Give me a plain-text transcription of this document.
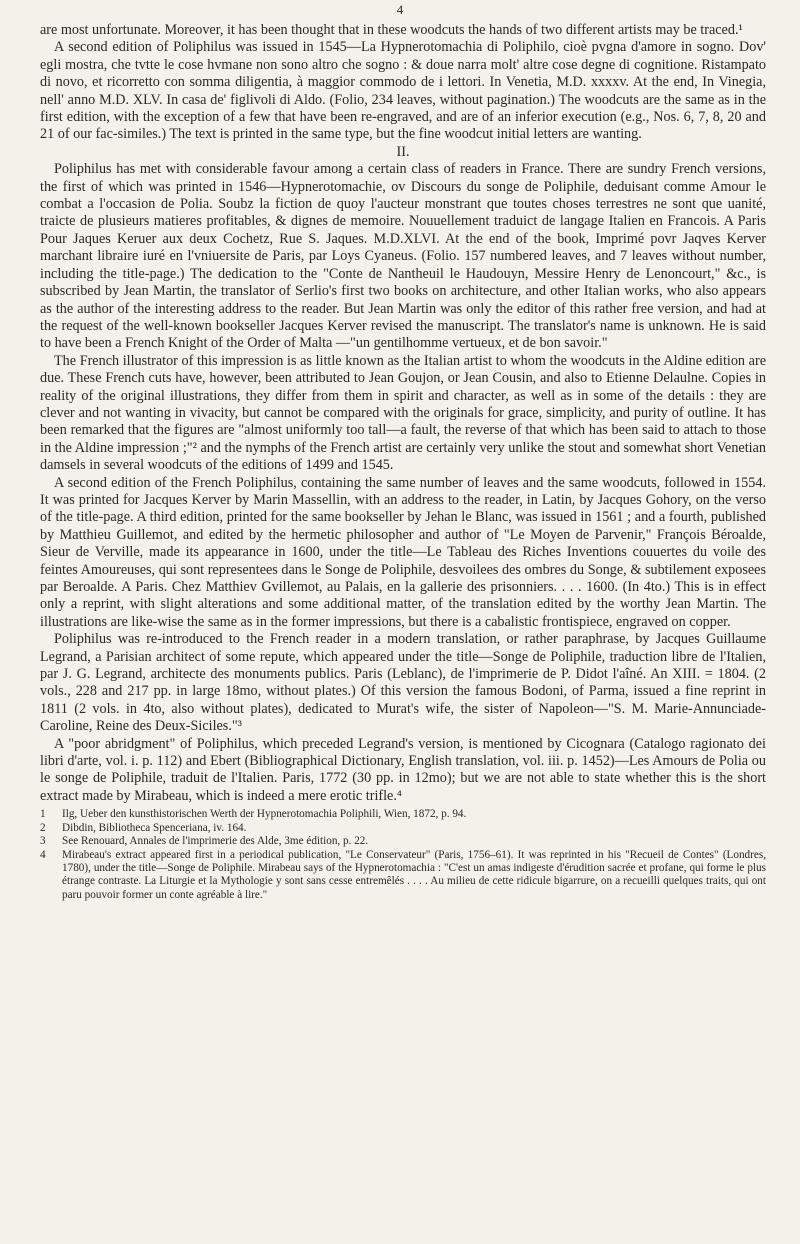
4

are most unfortunate. Moreover, it has been thought that in these woodcuts the hands of two different artists may be traced.¹

A second edition of Poliphilus was issued in 1545—La Hypnerotomachia di Poliphilo, cioè pvgna d'amore in sogno. Dov' egli mostra, che tvtte le cose hvmane non sono altro che sogno : & doue narra molt' altre cose degne di cognitione. Ristampato di novo, et ricorretto con somma diligentia, à maggior commodo de i lettori. In Venetia, M.D. xxxxv. At the end, In Vinegia, nell' anno M.D. XLV. In casa de' figlivoli di Aldo. (Folio, 234 leaves, without pagination.) The woodcuts are the same as in the first edition, with the exception of a few that have been re-engraved, and are of an inferior execution (e.g., Nos. 6, 7, 8, 20 and 21 of our fac-similes.) The text is printed in the same type, but the fine woodcut initial letters are wanting.

II.

Poliphilus has met with considerable favour among a certain class of readers in France. There are sundry French versions, the first of which was printed in 1546—Hypnerotomachie, ov Discours du songe de Poliphile, deduisant comme Amour le combat a l'occasion de Polia. Soubz la fiction de quoy l'aucteur monstrant que toutes choses terrestres ne sont que uanité, traicte de plusieurs matieres profitables, & dignes de memoire. Nouuellement traduict de langage Italien en Francois. A Paris Pour Jaques Keruer aux deux Cochetz, Rue S. Jaques. M.D.XLVI. At the end of the book, Imprimé povr Jaqves Kerver marchant libraire iuré en l'vniuersite de Paris, par Loys Cyaneus. (Folio. 157 numbered leaves, and 7 leaves without number, including the title-page.) The dedication to the "Conte de Nantheuil le Haudouyn, Messire Henry de Lenoncourt," &c., is subscribed by Jean Martin, the translator of Serlio's first two books on architecture, and other Italian works, who also appears as the author of the interesting address to the reader. But Jean Martin was only the editor of this rather free version, and had at the request of the well-known bookseller Jacques Kerver revised the manuscript. The translator's name is unknown. He is said to have been a French Knight of the Order of Malta —"un gentilhomme vertueux, et de bon savoir."

The French illustrator of this impression is as little known as the Italian artist to whom the woodcuts in the Aldine edition are due. These French cuts have, however, been attributed to Jean Goujon, or Jean Cousin, and also to Etienne Delaulne. Copies in reality of the original illustrations, they differ from them in spirit and character, as well as in some of the details : they are clever and not wanting in vivacity, but cannot be compared with the originals for grace, simplicity, and purity of outline. It has been remarked that the figures are "almost uniformly too tall—a fault, the reverse of that which has been said to attach to those in the Aldine impression ;"² and the nymphs of the French artist are certainly very unlike the stout and somewhat short Venetian damsels in several woodcuts of the editions of 1499 and 1545.

A second edition of the French Poliphilus, containing the same number of leaves and the same woodcuts, followed in 1554. It was printed for Jacques Kerver by Marin Massellin, with an address to the reader, in Latin, by Jacques Gohory, on the verso of the title-page. A third edition, printed for the same bookseller by Jehan le Blanc, was issued in 1561 ; and a fourth, published by Matthieu Guillemot, and edited by the hermetic philosopher and author of "Le Moyen de Parvenir," François Béroalde, Sieur de Verville, made its appearance in 1600, under the title—Le Tableau des Riches Inventions couuertes du voile des feintes Amoureuses, qui sont representees dans le Songe de Poliphile, desvoilees des ombres du Songe, & subtilement exposees par Beroalde. A Paris. Chez Matthiev Gvillemot, au Palais, en la gallerie des prisonniers. . . . 1600. (In 4to.) This is in effect only a reprint, with slight alterations and some additional matter, of the translation edited by the worthy Jean Martin. The illustrations are like-wise the same as in the former impressions, but there is a cabalistic frontispiece, engraved on copper.

Poliphilus was re-introduced to the French reader in a modern translation, or rather paraphrase, by Jacques Guillaume Legrand, a Parisian architect of some repute, which appeared under the title—Songe de Poliphile, traduction libre de l'Italien, par J. G. Legrand, architecte des monuments publics. Paris (Leblanc), de l'imprimerie de P. Didot l'aîné. An XIII. = 1804. (2 vols., 228 and 217 pp. in large 18mo, without plates.) Of this version the famous Bodoni, of Parma, issued a fine reprint in 1811 (2 vols. in 4to, also without plates), dedicated to Murat's wife, the sister of Napoleon—"S. M. Marie-Annunciade-Caroline, Reine des Deux-Siciles."³

A "poor abridgment" of Poliphilus, which preceded Legrand's version, is mentioned by Cicognara (Catalogo ragionato dei libri d'arte, vol. i. p. 112) and Ebert (Bibliographical Dictionary, English translation, vol. iii. p. 1452)—Les Amours de Polia ou le songe de Poliphile, traduit de l'Italien. Paris, 1772 (30 pp. in 12mo); but we are not able to state whether this is the short extract made by Mirabeau, which is indeed a mere erotic trifle.⁴

1 Ilg, Ueber den kunsthistorischen Werth der Hypnerotomachia Poliphili, Wien, 1872, p. 94.

2 Dibdin, Bibliotheca Spenceriana, iv. 164.

3 See Renouard, Annales de l'imprimerie des Alde, 3me édition, p. 22.

4 Mirabeau's extract appeared first in a periodical publication, "Le Conservateur" (Paris, 1756–61). It was reprinted in his "Recueil de Contes" (Londres, 1780), under the title—Songe de Poliphile. Mirabeau says of the Hypnerotomachia : "C'est un amas indigeste d'érudition sacrée et profane, qui forme le plus étrange contraste. La Liturgie et la Mythologie y sont sans cesse entremêlés . . . . Au milieu de cette ridicule bigarrure, on a recueilli quelques traits, qui ont paru pouvoir former un conte agréable à lire."
